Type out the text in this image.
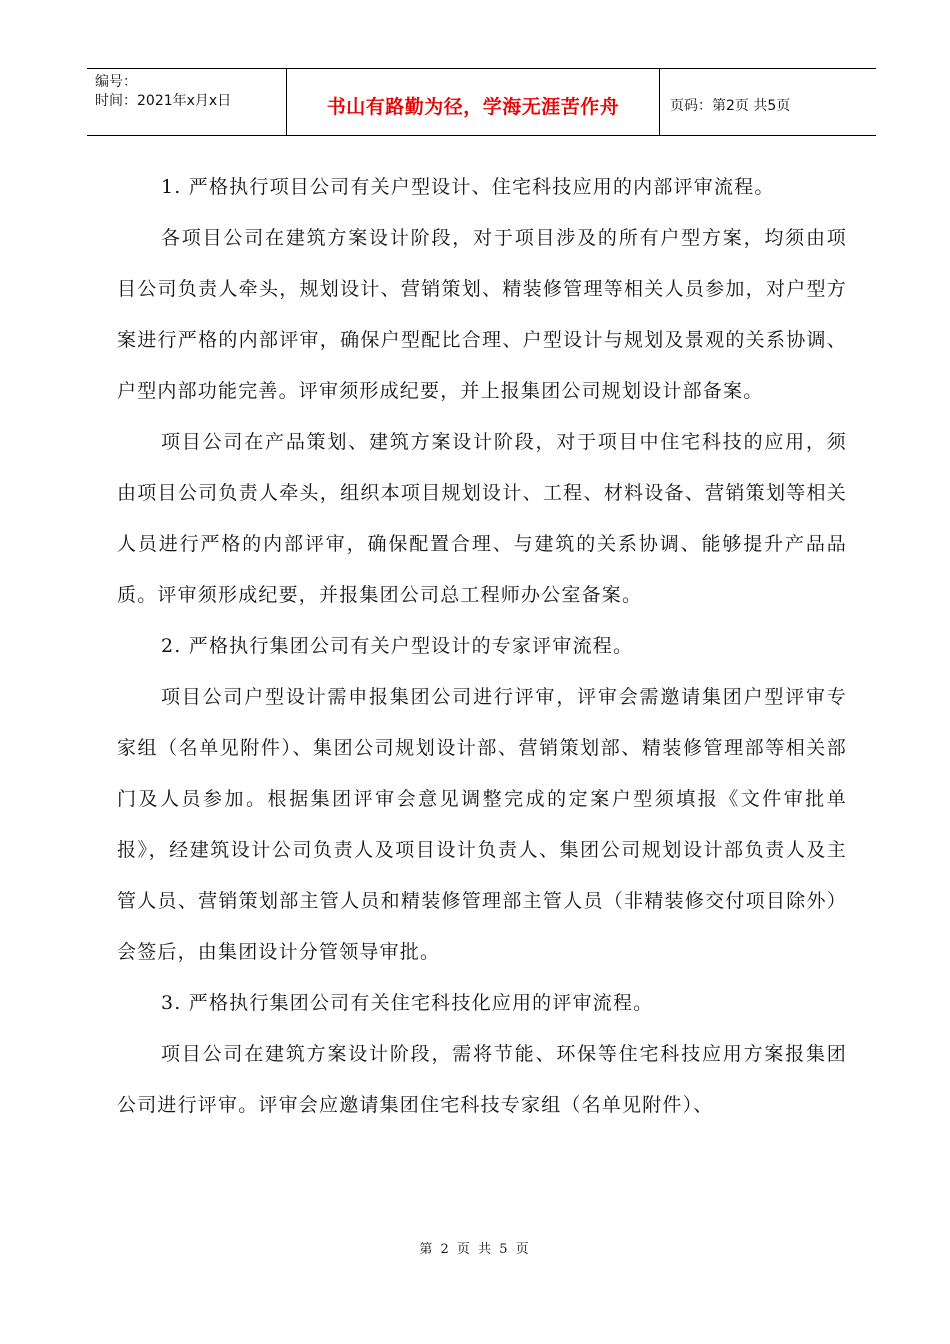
编号：
时间：2021年x月x日	书山有路勤为径，学海无涯苦作舟	页码：第2页 共5页

1. 严格执行项目公司有关户型设计、住宅科技应用的内部评审流程。

各项目公司在建筑方案设计阶段，对于项目涉及的所有户型方案，均须由项目公司负责人牵头，规划设计、营销策划、精装修管理等相关人员参加，对户型方案进行严格的内部评审，确保户型配比合理、户型设计与规划及景观的关系协调、户型内部功能完善。评审须形成纪要，并上报集团公司规划设计部备案。

项目公司在产品策划、建筑方案设计阶段，对于项目中住宅科技的应用，须由项目公司负责人牵头，组织本项目规划设计、工程、材料设备、营销策划等相关人员进行严格的内部评审，确保配置合理、与建筑的关系协调、能够提升产品品质。评审须形成纪要，并报集团公司总工程师办公室备案。

2. 严格执行集团公司有关户型设计的专家评审流程。

项目公司户型设计需申报集团公司进行评审，评审会需邀请集团户型评审专家组（名单见附件）、集团公司规划设计部、营销策划部、精装修管理部等相关部门及人员参加。根据集团评审会意见调整完成的定案户型须填报《文件审批单报》，经建筑设计公司负责人及项目设计负责人、集团公司规划设计部负责人及主管人员、营销策划部主管人员和精装修管理部主管人员（非精装修交付项目除外）会签后，由集团设计分管领导审批。

3. 严格执行集团公司有关住宅科技化应用的评审流程。

项目公司在建筑方案设计阶段，需将节能、环保等住宅科技应用方案报集团公司进行评审。评审会应邀请集团住宅科技专家组（名单见附件）、

第 2 页 共 5 页
